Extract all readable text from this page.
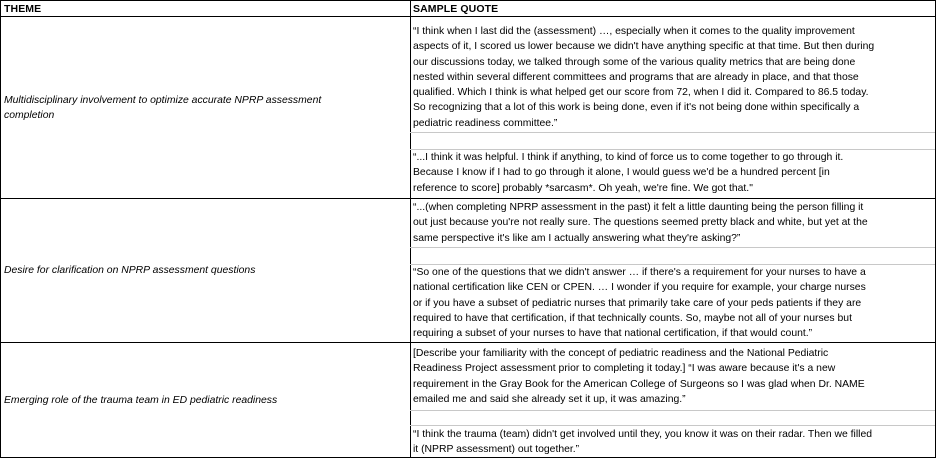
THEME	SAMPLE QUOTE
Multidisciplinary involvement to optimize accurate NPRP assessment
completion
“I think when I last did the (assessment) …, especially when it comes to the quality improvement
aspects of it, I scored us lower because we didn't have anything specific at that time. But then during
our discussions today, we talked through some of the various quality metrics that are being done
nested within several different committees and programs that are already in place, and that those
qualified. Which I think is what helped get our score from 72, when I did it. Compared to 86.5 today.
So recognizing that a lot of this work is being done, even if it's not being done within specifically a
pediatric readiness committee.”
“...I think it was helpful. I think if anything, to kind of force us to come together to go through it.
Because I know if I had to go through it alone, I would guess we'd be a hundred percent [in
reference to score] probably *sarcasm*. Oh yeah, we're fine. We got that."
Desire for clarification on NPRP assessment questions
“...(when completing NPRP assessment in the past) it felt a little daunting being the person filling it
out just because you're not really sure. The questions seemed pretty black and white, but yet at the
same perspective it's like am I actually answering what they're asking?”
“So one of the questions that we didn't answer … if there's a requirement for your nurses to have a
national certification like CEN or CPEN. … I wonder if you require for example, your charge nurses
or if you have a subset of pediatric nurses that primarily take care of your peds patients if they are
required to have that certification, if that technically counts. So, maybe not all of your nurses but
requiring a subset of your nurses to have that national certification, if that would count.”
Emerging role of the trauma team in ED pediatric readiness
[Describe your familiarity with the concept of pediatric readiness and the National Pediatric
Readiness Project assessment prior to completing it today.] “I was aware because it's a new
requirement in the Gray Book for the American College of Surgeons so I was glad when Dr. NAME
emailed me and said she already set it up, it was amazing.”
“I think the trauma (team) didn't get involved until they, you know it was on their radar. Then we filled
it (NPRP assessment) out together.”
